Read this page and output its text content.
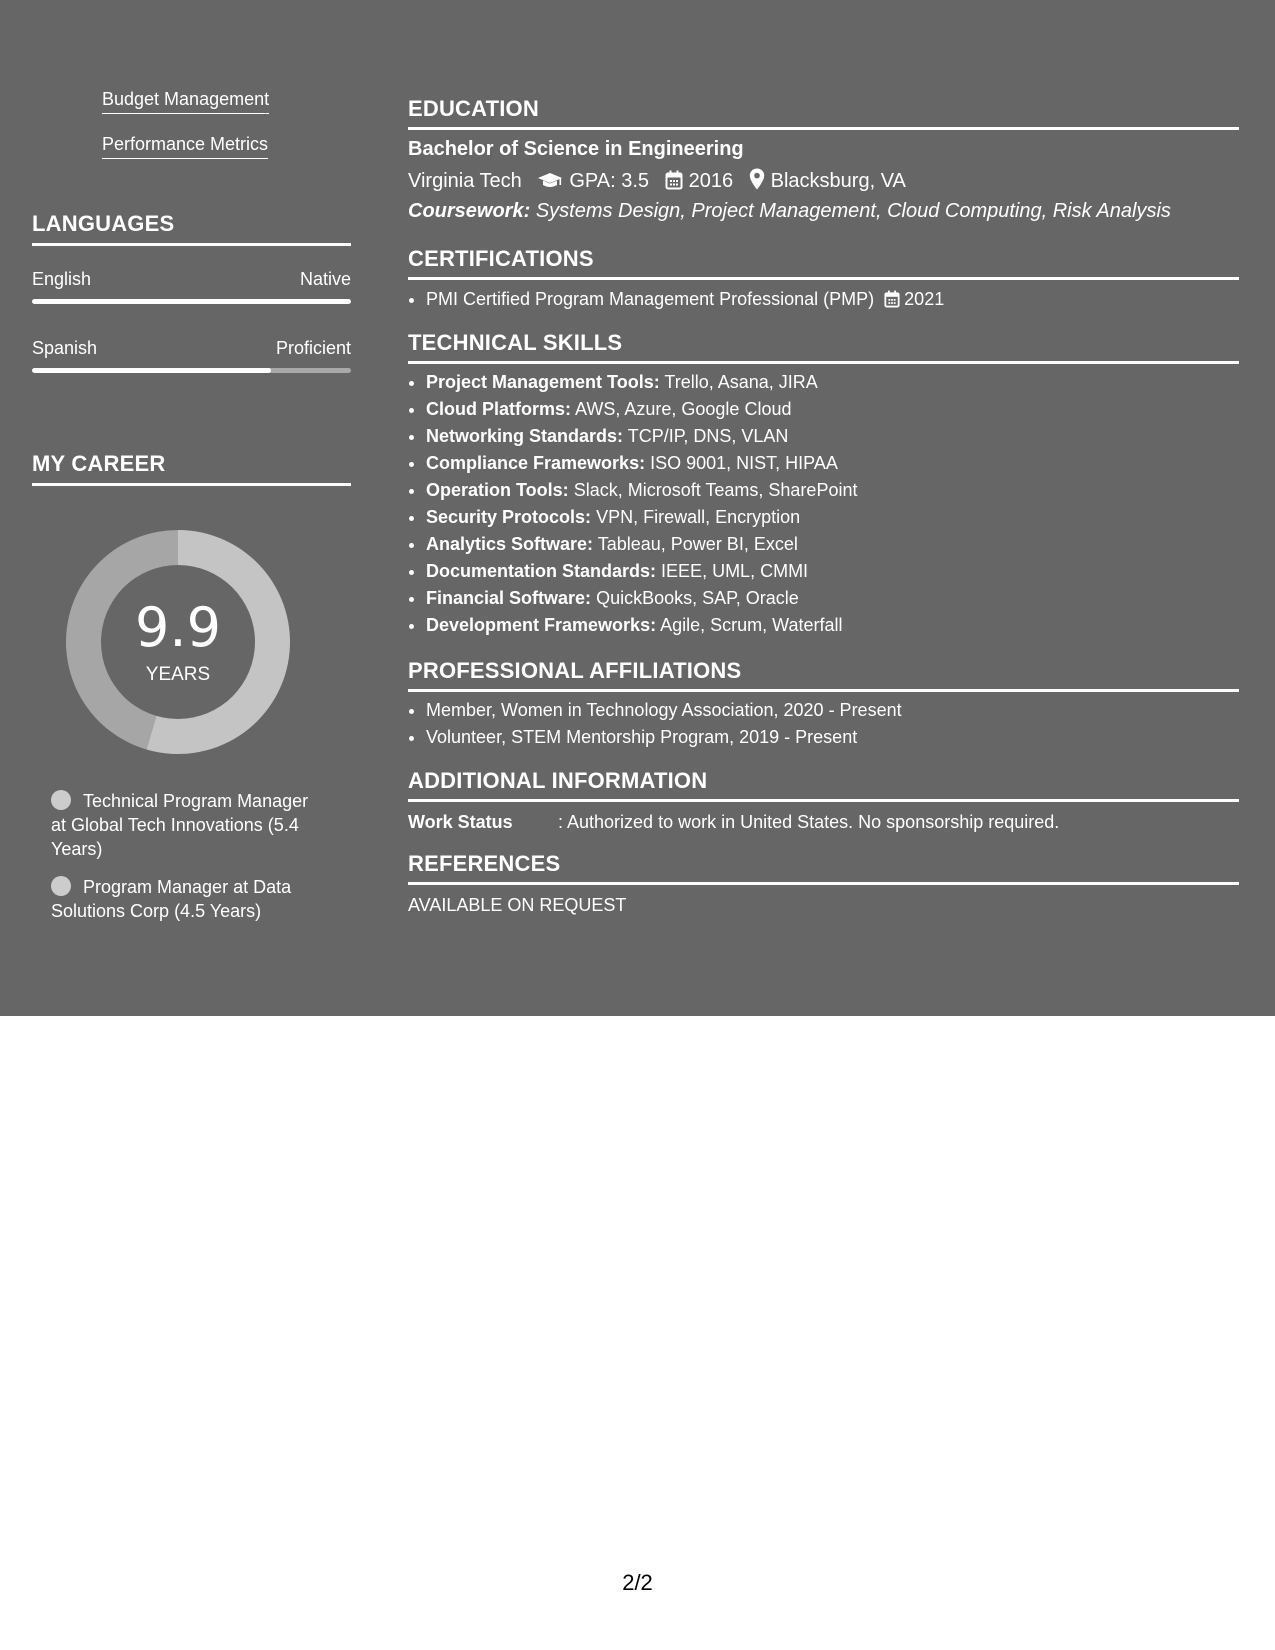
Budget Management
Performance Metrics
LANGUAGES
English	Native
Spanish	Proficient
MY CAREER
9.9
YEARS
Technical Program Manager at Global Tech Innovations (5.4 Years)
Program Manager at Data Solutions Corp (4.5 Years)
EDUCATION
Bachelor of Science in Engineering
Virginia Tech GPA: 3.5 2016 Blacksburg, VA
Coursework: Systems Design, Project Management, Cloud Computing, Risk Analysis
CERTIFICATIONS
• PMI Certified Program Management Professional (PMP) 2021
TECHNICAL SKILLS
• Project Management Tools: Trello, Asana, JIRA
• Cloud Platforms: AWS, Azure, Google Cloud
• Networking Standards: TCP/IP, DNS, VLAN
• Compliance Frameworks: ISO 9001, NIST, HIPAA
• Operation Tools: Slack, Microsoft Teams, SharePoint
• Security Protocols: VPN, Firewall, Encryption
• Analytics Software: Tableau, Power BI, Excel
• Documentation Standards: IEEE, UML, CMMI
• Financial Software: QuickBooks, SAP, Oracle
• Development Frameworks: Agile, Scrum, Waterfall
PROFESSIONAL AFFILIATIONS
• Member, Women in Technology Association, 2020 - Present
• Volunteer, STEM Mentorship Program, 2019 - Present
ADDITIONAL INFORMATION
Work Status	: Authorized to work in United States. No sponsorship required.
REFERENCES
AVAILABLE ON REQUEST
2/2
